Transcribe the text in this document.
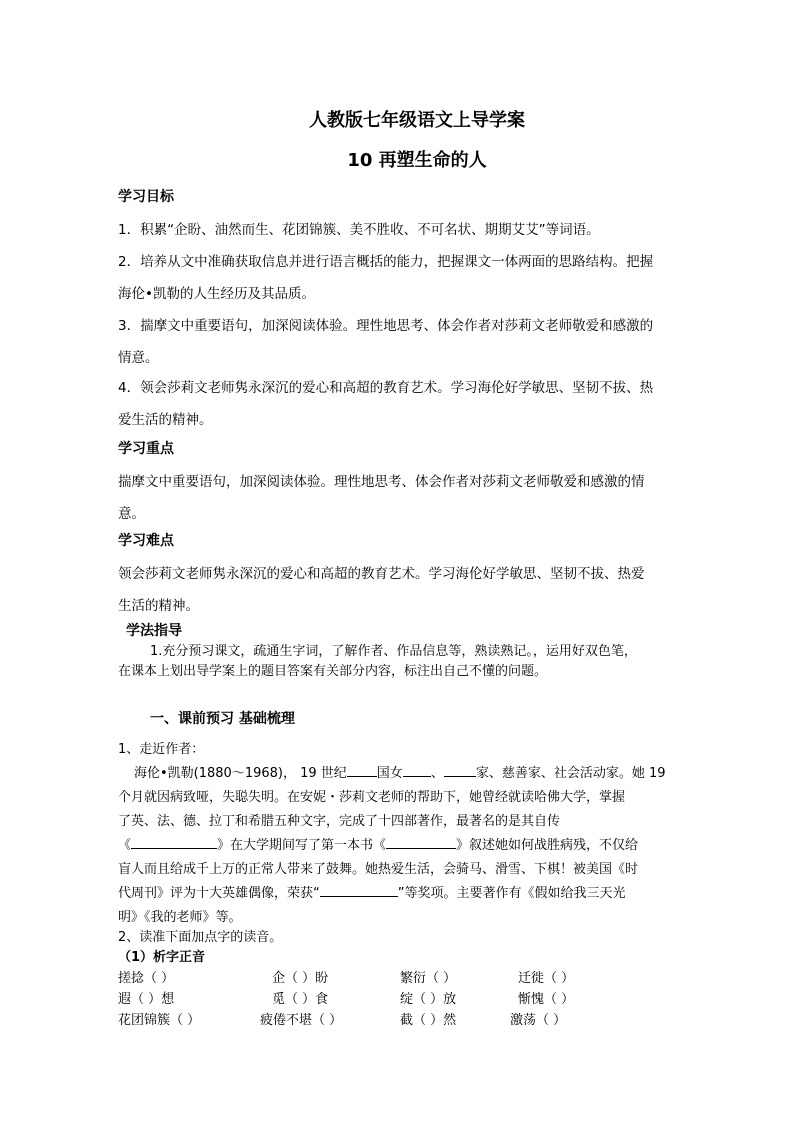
人教版七年级语文上导学案
10 再塑生命的人
学习目标
1．积累“企盼、油然而生、花团锦簇、美不胜收、不可名状、期期艾艾”等词语。
2．培养从文中准确获取信息并进行语言概括的能力，把握课文一体两面的思路结构。把握
海伦•凯勒的人生经历及其品质。
3．揣摩文中重要语句，加深阅读体验。理性地思考、体会作者对莎莉文老师敬爱和感激的
情意。
4．领会莎莉文老师隽永深沉的爱心和高超的教育艺术。学习海伦好学敏思、坚韧不拔、热
爱生活的精神。
学习重点
揣摩文中重要语句，加深阅读体验。理性地思考、体会作者对莎莉文老师敬爱和感激的情
意。
学习难点
领会莎莉文老师隽永深沉的爱心和高超的教育艺术。学习海伦好学敏思、坚韧不拔、热爱
生活的精神。
学法指导
1.充分预习课文，疏通生字词，了解作者、作品信息等，熟读熟记。，运用好双色笔，
在课本上划出导学案上的题目答案有关部分内容，标注出自己不懂的问题。
一、课前预习 基础梳理
1、走近作者：
海伦•凯勒(1880～1968)， 19 世纪 国女 、 家、慈善家、社会活动家。她 19
个月就因病致哑，失聪失明。在安妮・莎莉文老师的帮助下，她曾经就读哈佛大学，掌握
了英、法、德、拉丁和希腊五种文字，完成了十四部著作，最著名的是其自传
《	》在大学期间写了第一本书《	》叙述她如何战胜病残，不仅给
盲人而且给成千上万的正常人带来了鼓舞。她热爱生活，会骑马、滑雪、下棋！被美国《时
代周刊》评为十大英雄偶像，荣获“	”等奖项。主要著作有《假如给我三天光
明》《我的老师》等。
2、读准下面加点字的读音。
（1）析字正音
搓捻（ ）	企（ ）盼	繁衍（ ）	迁徙（ ）
遐（ ）想	觅（ ）食	绽（ ）放	惭愧（ ）
花团锦簇（ ）	疲倦不堪（ ）	截（ ）然	激荡（ ）
